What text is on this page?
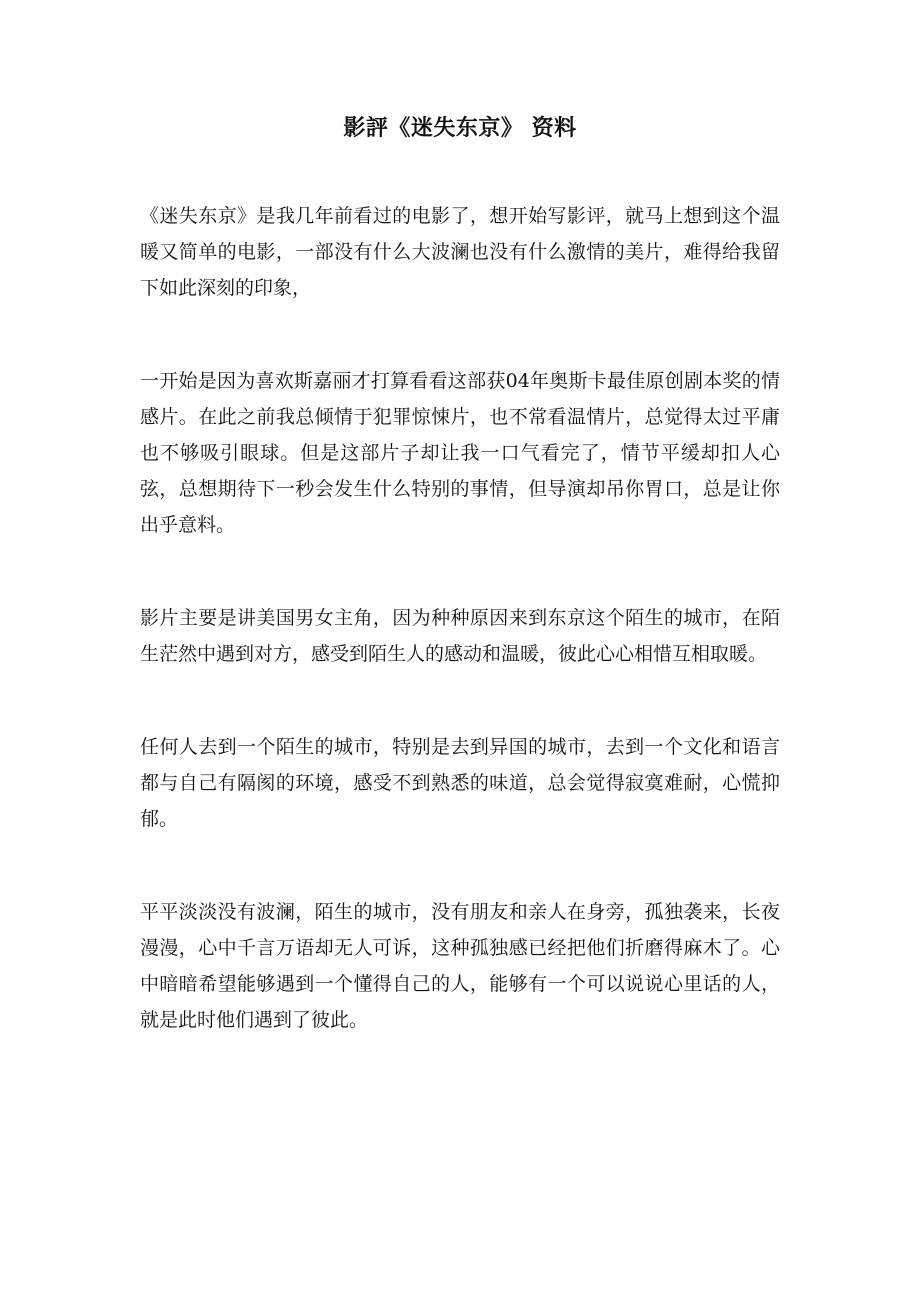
影評《迷失东京》 资料

《迷失东京》是我几年前看过的电影了，想开始写影评，就马上想到这个温暖又简单的电影，一部没有什么大波澜也没有什么激情的美片，难得给我留下如此深刻的印象，

一开始是因为喜欢斯嘉丽才打算看看这部获04年奥斯卡最佳原创剧本奖的情感片。在此之前我总倾情于犯罪惊悚片，也不常看温情片，总觉得太过平庸也不够吸引眼球。但是这部片子却让我一口气看完了，情节平缓却扣人心弦，总想期待下一秒会发生什么特别的事情，但导演却吊你胃口，总是让你出乎意料。

影片主要是讲美国男女主角，因为种种原因来到东京这个陌生的城市，在陌生茫然中遇到对方，感受到陌生人的感动和温暖，彼此心心相惜互相取暖。

任何人去到一个陌生的城市，特别是去到异国的城市，去到一个文化和语言都与自己有隔阂的环境，感受不到熟悉的味道，总会觉得寂寞难耐，心慌抑郁。

平平淡淡没有波澜，陌生的城市，没有朋友和亲人在身旁，孤独袭来，长夜漫漫，心中千言万语却无人可诉，这种孤独感已经把他们折磨得麻木了。心中暗暗希望能够遇到一个懂得自己的人，能够有一个可以说说心里话的人，就是此时他们遇到了彼此。
